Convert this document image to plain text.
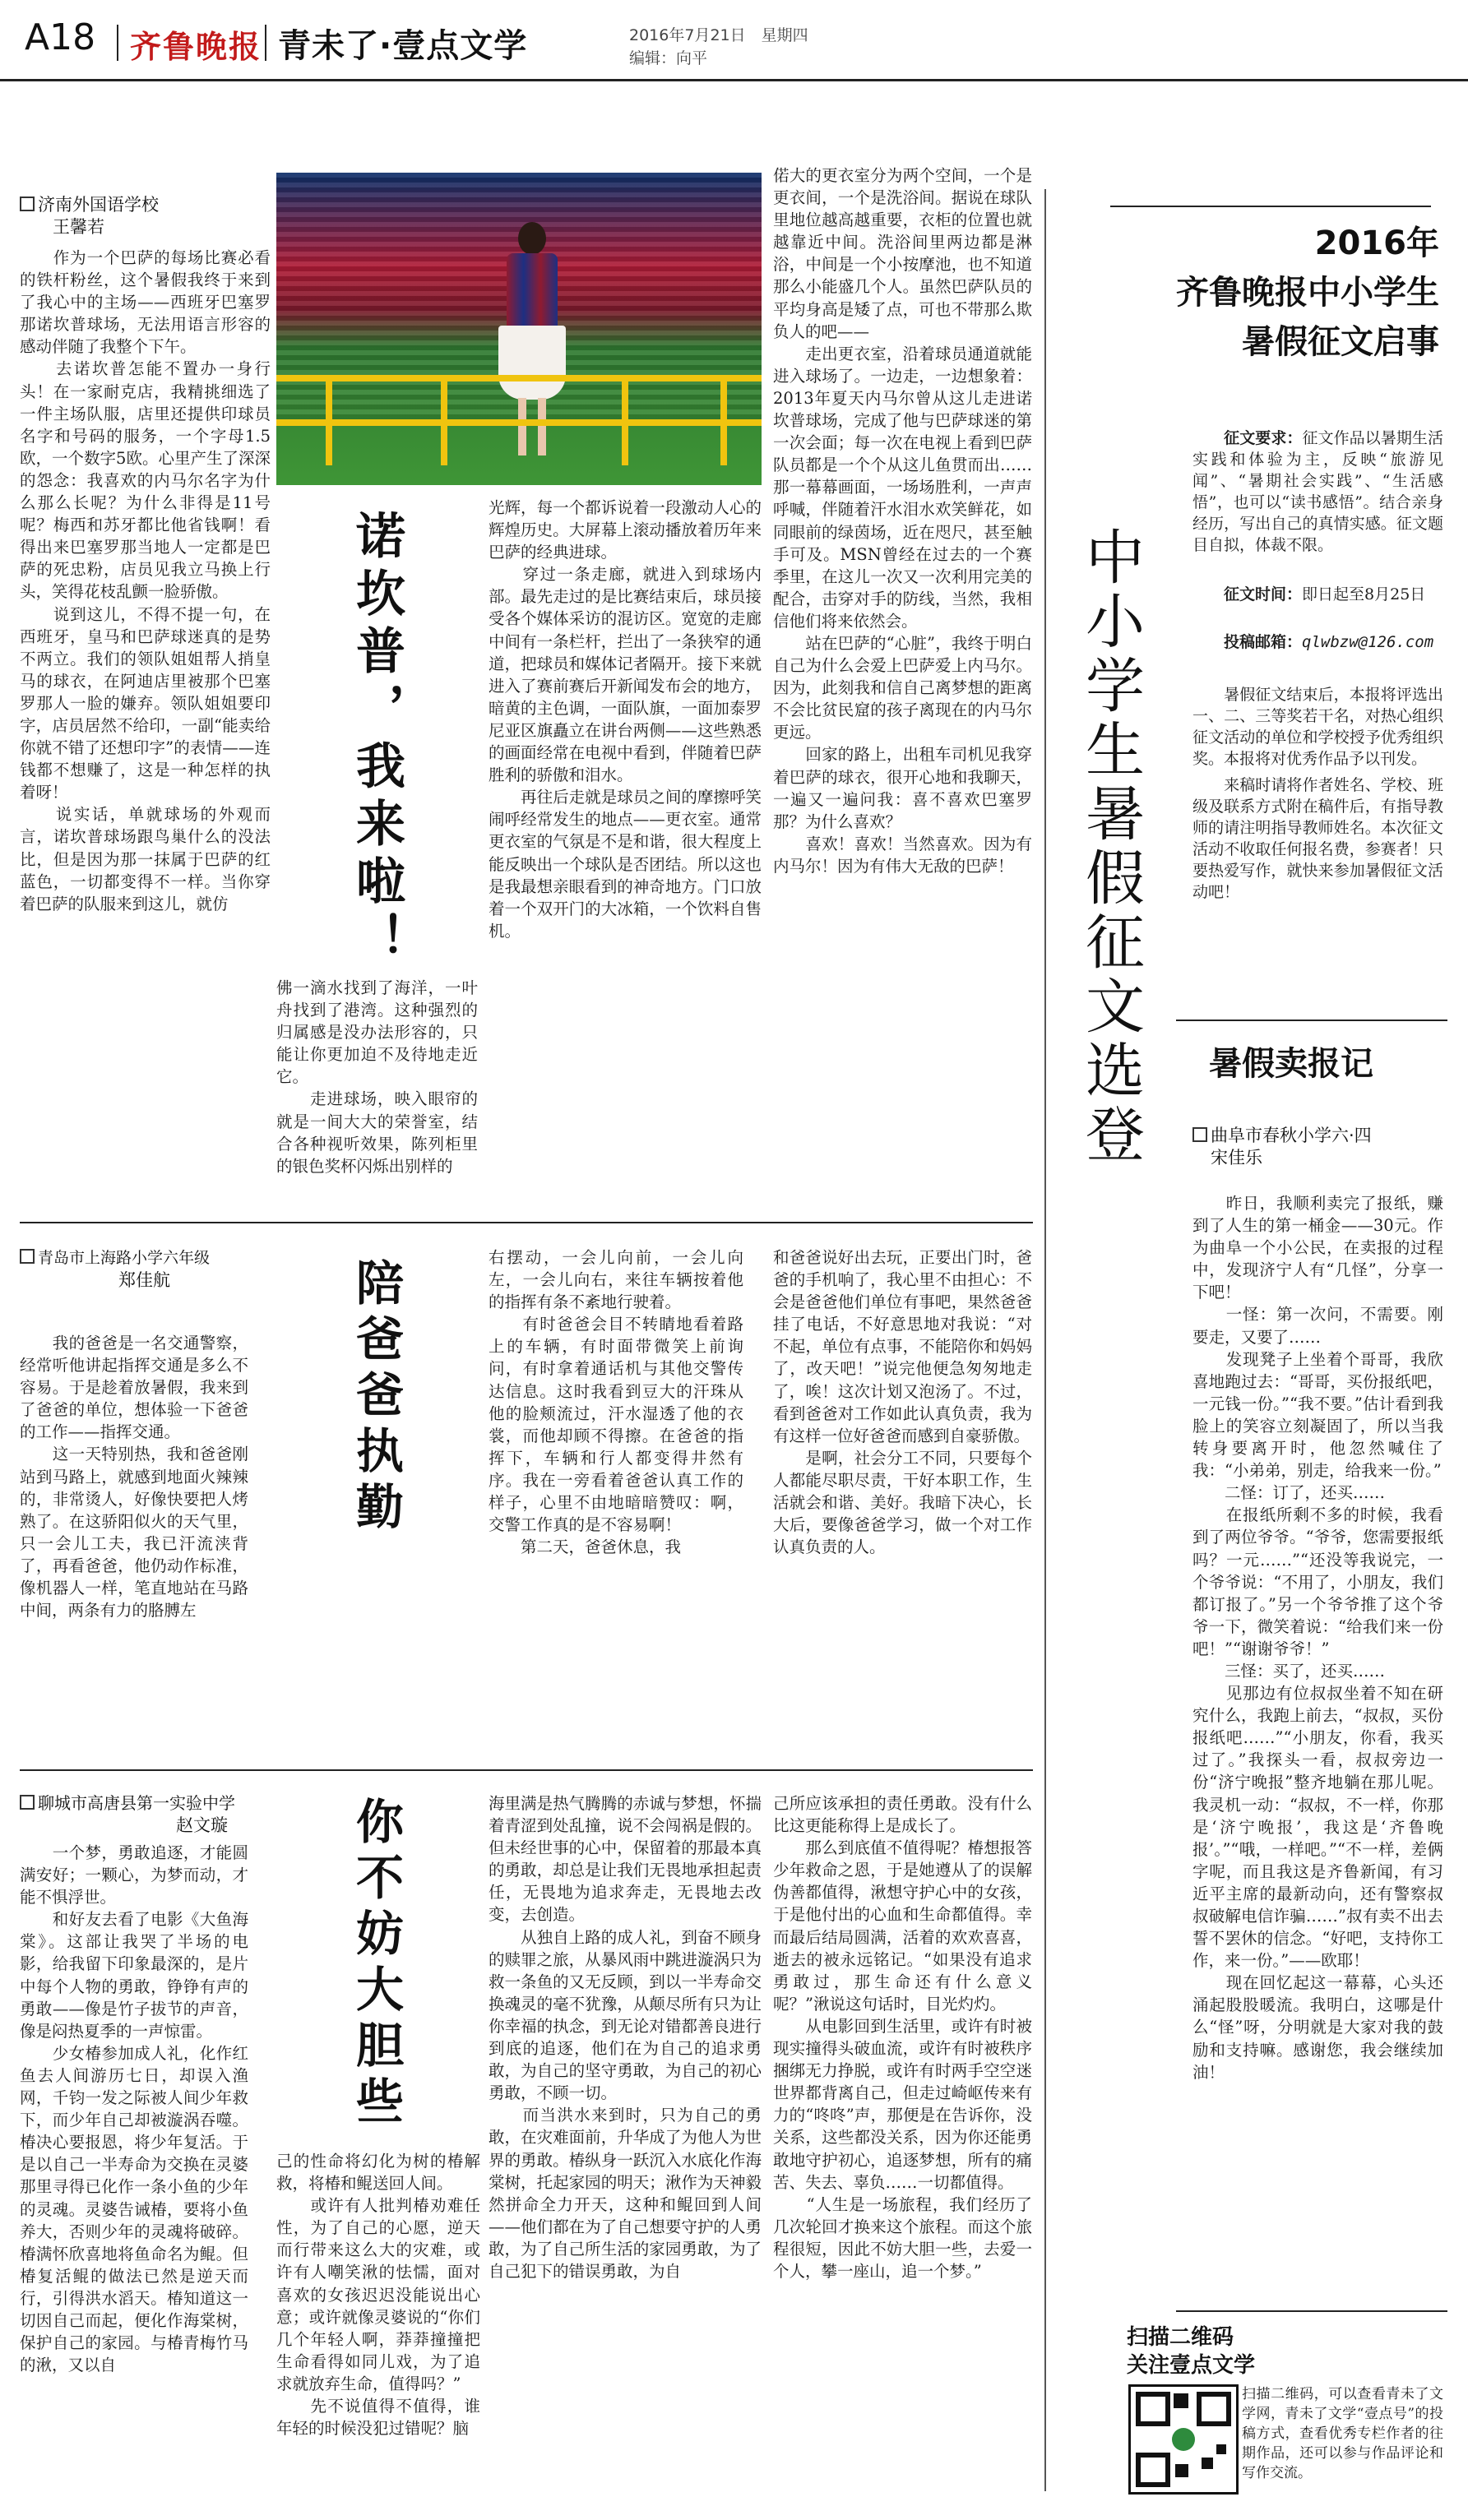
A18 齐鲁晚报 青未了·壹点文学	2016年7月21日　星期四
编辑：向平
济南外国语学校
王馨若
　　作为一个巴萨的每场比赛必看的铁杆粉丝，这个暑假我终于来到了我心中的主场——西班牙巴塞罗那诺坎普球场，无法用语言形容的感动伴随了我整个下午。
　　去诺坎普怎能不置办一身行头！在一家耐克店，我精挑细选了一件主场队服，店里还提供印球员名字和号码的服务，一个字母1.5欧，一个数字5欧。心里产生了深深的怨念：我喜欢的内马尔名字为什么那么长呢？为什么非得是11号呢？梅西和苏牙都比他省钱啊！看得出来巴塞罗那当地人一定都是巴萨的死忠粉，店员见我立马换上行头，笑得花枝乱颤一脸骄傲。
　　说到这儿，不得不提一句，在西班牙，皇马和巴萨球迷真的是势不两立。我们的领队姐姐帮人捎皇马的球衣，在阿迪店里被那个巴塞罗那人一脸的嫌弃。领队姐姐要印字，店员居然不给印，一副“能卖给你就不错了还想印字”的表情——连钱都不想赚了，这是一种怎样的执着呀！
　　说实话，单就球场的外观而言，诺坎普球场跟鸟巢什么的没法比，但是因为那一抹属于巴萨的红蓝色，一切都变得不一样。当你穿着巴萨的队服来到这儿，就仿	诺坎普，我来啦！
佛一滴水找到了海洋，一叶舟找到了港湾。这种强烈的归属感是没办法形容的，只能让你更加迫不及待地走近它。
　　走进球场，映入眼帘的就是一间大大的荣誉室，结合各种视听效果，陈列柜里的银色奖杯闪烁出别样的
光辉，每一个都诉说着一段激动人心的辉煌历史。大屏幕上滚动播放着历年来巴萨的经典进球。
　　穿过一条走廊，就进入到球场内部。最先走过的是比赛结束后，球员接受各个媒体采访的混访区。宽宽的走廊中间有一条栏杆，拦出了一条狭窄的通道，把球员和媒体记者隔开。接下来就进入了赛前赛后开新闻发布会的地方，暗黄的主色调，一面队旗，一面加泰罗尼亚区旗矗立在讲台两侧——这些熟悉的画面经常在电视中看到，伴随着巴萨胜利的骄傲和泪水。
　　再往后走就是球员之间的摩擦呼笑闹呼经常发生的地点——更衣室。通常更衣室的气氛是不是和谐，很大程度上能反映出一个球队是否团结。所以这也是我最想亲眼看到的神奇地方。门口放着一个双开门的大冰箱，一个饮料自售机。
偌大的更衣室分为两个空间，一个是更衣间，一个是洗浴间。据说在球队里地位越高越重要，衣柜的位置也就越靠近中间。洗浴间里两边都是淋浴，中间是一个小按摩池，也不知道那么小能盛几个人。虽然巴萨队员的平均身高是矮了点，可也不带那么欺负人的吧——
　　走出更衣室，沿着球员通道就能进入球场了。一边走，一边想象着：2013年夏天内马尔曾从这儿走进诺坎普球场，完成了他与巴萨球迷的第一次会面；每一次在电视上看到巴萨队员都是一个个从这儿鱼贯而出……那一幕幕画面，一场场胜利，一声声呼喊，伴随着汗水泪水欢笑鲜花，如同眼前的绿茵场，近在咫尺，甚至触手可及。MSN曾经在过去的一个赛季里，在这儿一次又一次利用完美的配合，击穿对手的防线，当然，我相信他们将来依然会。
　　站在巴萨的“心脏”，我终于明白自己为什么会爱上巴萨爱上内马尔。因为，此刻我和信自己离梦想的距离不会比贫民窟的孩子离现在的内马尔更远。
　　回家的路上，出租车司机见我穿着巴萨的球衣，很开心地和我聊天，一遍又一遍问我：喜不喜欢巴塞罗那？为什么喜欢？
　　喜欢！喜欢！当然喜欢。因为有内马尔！因为有伟大无敌的巴萨！
青岛市上海路小学六年级
郑佳航
　　我的爸爸是一名交通警察，经常听他讲起指挥交通是多么不容易。于是趁着放暑假，我来到了爸爸的单位，想体验一下爸爸的工作——指挥交通。
　　这一天特别热，我和爸爸刚站到马路上，就感到地面火辣辣的，非常烫人，好像快要把人烤熟了。在这骄阳似火的天气里，只一会儿工夫，我已汗流浃背了，再看爸爸，他仍动作标准，像机器人一样，笔直地站在马路中间，两条有力的胳膊左
陪爸爸执勤
右摆动，一会儿向前，一会儿向左，一会儿向右，来往车辆按着他的指挥有条不紊地行驶着。
　　有时爸爸会目不转睛地看着路上的车辆，有时面带微笑上前询问，有时拿着通话机与其他交警传达信息。这时我看到豆大的汗珠从他的脸颊流过，汗水湿透了他的衣裳，而他却顾不得擦。在爸爸的指挥下，车辆和行人都变得井然有序。我在一旁看着爸爸认真工作的样子，心里不由地暗暗赞叹：啊，交警工作真的是不容易啊！
　　第二天，爸爸休息，我
和爸爸说好出去玩，正要出门时，爸爸的手机响了，我心里不由担心：不会是爸爸他们单位有事吧，果然爸爸挂了电话，不好意思地对我说：“对不起，单位有点事，不能陪你和妈妈了，改天吧！”说完他便急匆匆地走了，唉！这次计划又泡汤了。不过，看到爸爸对工作如此认真负责，我为有这样一位好爸爸而感到自豪骄傲。
　　是啊，社会分工不同，只要每个人都能尽职尽责，干好本职工作，生活就会和谐、美好。我暗下决心，长大后，要像爸爸学习，做一个对工作认真负责的人。
聊城市高唐县第一实验中学
赵文璇
　　一个梦，勇敢追逐，才能圆满安好；一颗心，为梦而动，才能不惧浮世。
　　和好友去看了电影《大鱼海棠》。这部让我哭了半场的电影，给我留下印象最深的，是片中每个人物的勇敢，铮铮有声的勇敢——像是竹子拔节的声音，像是闷热夏季的一声惊雷。
　　少女椿参加成人礼，化作红鱼去人间游历七日，却误入渔网，千钧一发之际被人间少年救下，而少年自己却被漩涡吞噬。椿决心要报恩，将少年复活。于是以自己一半寿命为交换在灵婆那里寻得已化作一条小鱼的少年的灵魂。灵婆告诫椿，要将小鱼养大，否则少年的灵魂将破碎。椿满怀欣喜地将鱼命名为鲲。但椿复活鲲的做法已然是逆天而行，引得洪水滔天。椿知道这一切因自己而起，便化作海棠树，保护自己的家园。与椿青梅竹马的湫，又以自
你不妨大胆些
己的性命将幻化为树的椿解救，将椿和鲲送回人间。
　　或许有人批判椿劝难任性，为了自己的心愿，逆天而行带来这么大的灾难，或许有人嘲笑湫的怯懦，面对喜欢的女孩迟迟没能说出心意；或许就像灵婆说的“你们几个年轻人啊，莽莽撞撞把生命看得如同儿戏，为了追求就放弃生命，值得吗？”
　　先不说值得不值得，谁年轻的时候没犯过错呢？脑
海里满是热气腾腾的赤诚与梦想，怀揣着青涩到处乱撞，说不会闯祸是假的。但未经世事的心中，保留着的那最本真的勇敢，却总是让我们无畏地承担起责任，无畏地为追求奔走，无畏地去改变，去创造。
　　从独自上路的成人礼，到奋不顾身的赎罪之旅，从暴风雨中跳进漩涡只为救一条鱼的又无反顾，到以一半寿命交换魂灵的毫不犹豫，从颠尽所有只为让你幸福的执念，到无论对错都善良进行到底的追逐，他们在为自己的追求勇敢，为自己的坚守勇敢，为自己的初心勇敢，不顾一切。
　　而当洪水来到时，只为自己的勇敢，在灾难面前，升华成了为他人为世界的勇敢。椿纵身一跃沉入水底化作海棠树，托起家园的明天；湫作为天神毅然拼命全力开天，这种和鲲回到人间——他们都在为了自己想要守护的人勇敢，为了自己所生活的家园勇敢，为了自己犯下的错误勇敢，为自
己所应该承担的责任勇敢。没有什么比这更能称得上是成长了。
　　那么到底值不值得呢？椿想报答少年救命之恩，于是她遵从了的误解伪善都值得，湫想守护心中的女孩，于是他付出的心血和生命都值得。幸而最后结局圆满，活着的欢欢喜喜，逝去的被永远铭记。“如果没有追求勇敢过，那生命还有什么意义呢？”湫说这句话时，目光灼灼。
　　从电影回到生活里，或许有时被现实撞得头破血流，或许有时被秩序捆绑无力挣脱，或许有时两手空空迷世界都背离自己，但走过崎岖传来有力的“咚咚”声，那便是在告诉你，没关系，这些都没关系，因为你还能勇敢地守护初心，追逐梦想，所有的痛苦、失去、辜负……一切都值得。
　　“人生是一场旅程，我们经历了几次轮回才换来这个旅程。而这个旅程很短，因此不妨大胆一些，去爱一个人，攀一座山，追一个梦。”
中小学生暑假征文选登
2016年
齐鲁晚报中小学生
暑假征文启事
　　征文要求：征文作品以暑期生活实践和体验为主，反映“旅游见闻”、“暑期社会实践”、“生活感悟”，也可以“读书感悟”。结合亲身经历，写出自己的真情实感。征文题目自拟，体裁不限。
　　征文时间：即日起至8月25日
　　投稿邮箱：qlwbzw@126.com
　　暑假征文结束后，本报将评选出一、二、三等奖若干名，对热心组织征文活动的单位和学校授予优秀组织奖。本报将对优秀作品予以刊发。
　　来稿时请将作者姓名、学校、班级及联系方式附在稿件后，有指导教师的请注明指导教师姓名。本次征文活动不收取任何报名费，参赛者！只要热爱写作，就快来参加暑假征文活动吧！
暑假卖报记
曲阜市春秋小学六·四
宋佳乐
　　昨日，我顺利卖完了报纸，赚到了人生的第一桶金——30元。作为曲阜一个小公民，在卖报的过程中，发现济宁人有“几怪”，分享一下吧！
　　一怪：第一次问，不需要。刚要走，又要了……
　　发现凳子上坐着个哥哥，我欣喜地跑过去：“哥哥，买份报纸吧，一元钱一份。”“我不要。”估计看到我脸上的笑容立刻凝固了，所以当我转身要离开时，他忽然喊住了我：“小弟弟，别走，给我来一份。”
　　二怪：订了，还买……
　　在报纸所剩不多的时候，我看到了两位爷爷。“爷爷，您需要报纸吗？一元……”“还没等我说完，一个爷爷说：“不用了，小朋友，我们都订报了。”另一个爷爷推了这个爷爷一下，微笑着说：“给我们来一份吧！”“谢谢爷爷！”
　　三怪：买了，还买……
　　见那边有位叔叔坐着不知在研究什么，我跑上前去，“叔叔，买份报纸吧……”“小朋友，你看，我买过了。”我探头一看，叔叔旁边一份“济宁晚报”整齐地躺在那儿呢。我灵机一动：“叔叔，不一样，你那是‘济宁晚报’，我这是‘齐鲁晚报’。”“哦，一样吧。”“不一样，差俩字呢，而且我这是齐鲁新闻，有习近平主席的最新动向，还有警察叔叔破解电信诈骗……”叔有卖不出去誓不罢休的信念。“好吧，支持你工作，来一份。”——欧耶！
　　现在回忆起这一幕幕，心头还涌起股股暖流。我明白，这哪是什么“怪”呀，分明就是大家对我的鼓励和支持嘛。感谢您，我会继续加油！
扫描二维码
关注壹点文学
扫描二维码，可以查看青未了文学网，青未了文学“壹点号”的投稿方式，查看优秀专栏作者的往期作品，还可以参与作品评论和写作交流。
